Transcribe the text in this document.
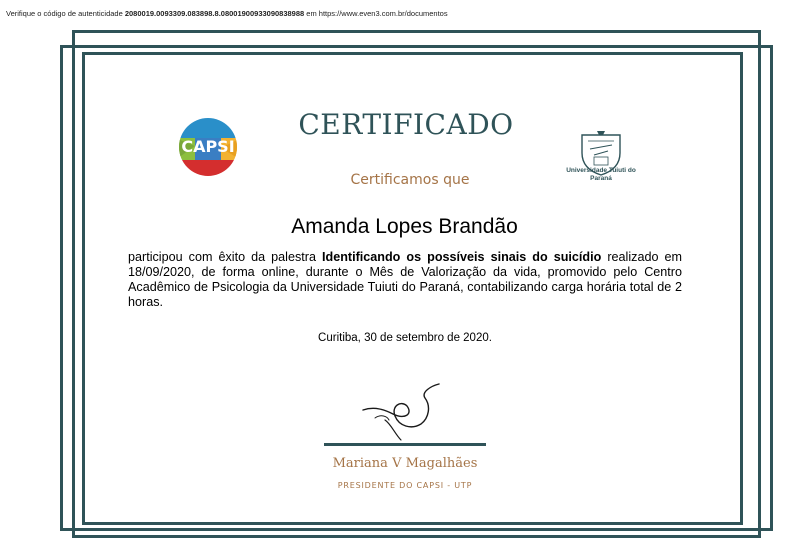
Verifique o código de autenticidade 2080019.0093309.083898.8.0800190093309083898​8 em https://www.even3.com.br/documentos
CAPSI
CERTIFICADO
Universidade Tuiuti do Paraná
Certificamos que
Amanda Lopes Brandão
participou com êxito da palestra Identificando os possíveis sinais do suicídio realizado em 18/09/2020, de forma online, durante o Mês de Valorização da vida, promovido pelo Centro Acadêmico de Psicologia da Universidade Tuiuti do Paraná, contabilizando carga horária total de 2 horas.
Curitiba, 30 de setembro de 2020.
Mariana V Magalhães
PRESIDENTE DO CAPSI - UTP
